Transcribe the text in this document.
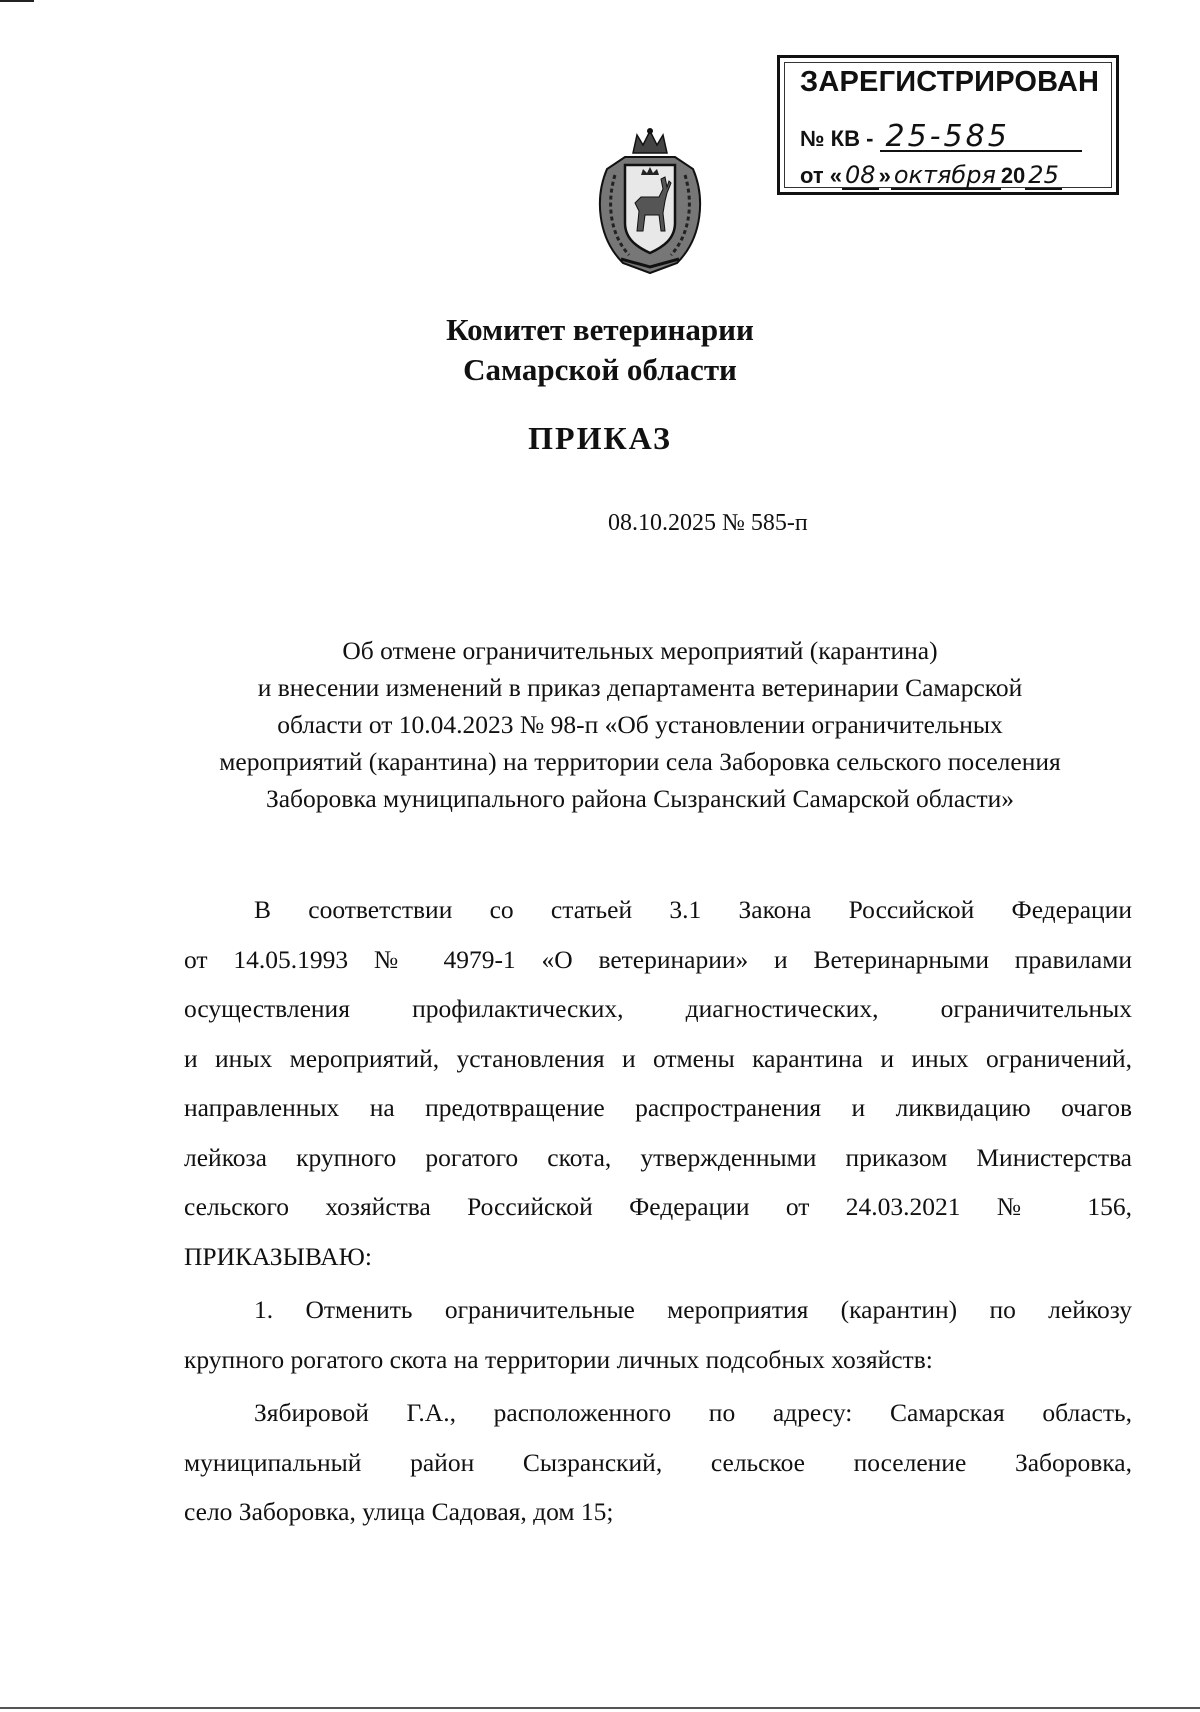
ЗАРЕГИСТРИРОВАН
№ КВ - 25-585
от « 08 » октября 20 25
Комитет ветеринарии
Самарской области
ПРИКАЗ
08.10.2025 № 585-п
Об отмене ограничительных мероприятий (карантина)
и внесении изменений в приказ департамента ветеринарии Самарской
области от 10.04.2023 № 98-п «Об установлении ограничительных
мероприятий (карантина) на территории села Заборовка сельского поселения
Заборовка муниципального района Сызранский Самарской области»
В соответствии со статьей 3.1 Закона Российской Федерации
от 14.05.1993 № 4979-1 «О ветеринарии» и Ветеринарными правилами
осуществления профилактических, диагностических, ограничительных
и иных мероприятий, установления и отмены карантина и иных ограничений,
направленных на предотвращение распространения и ликвидацию очагов
лейкоза крупного рогатого скота, утвержденными приказом Министерства
сельского хозяйства Российской Федерации от 24.03.2021 № 156,
ПРИКАЗЫВАЮ:
1. Отменить ограничительные мероприятия (карантин) по лейкозу
крупного рогатого скота на территории личных подсобных хозяйств:
Зябировой Г.А., расположенного по адресу: Самарская область,
муниципальный район Сызранский, сельское поселение Заборовка,
село Заборовка, улица Садовая, дом 15;
